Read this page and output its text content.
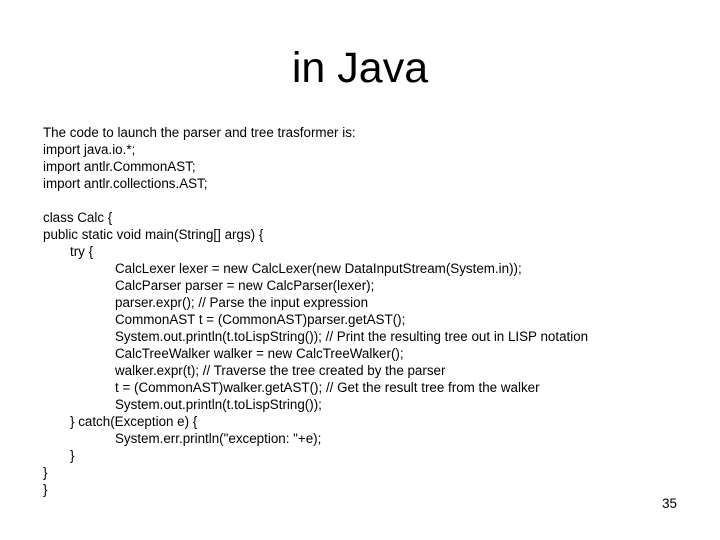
in Java
The code to launch the parser and tree trasformer is:
import java.io.*;
import antlr.CommonAST;
import antlr.collections.AST;
class Calc {
public static void main(String[] args) {
try {
CalcLexer lexer = new CalcLexer(new DataInputStream(System.in));
CalcParser parser = new CalcParser(lexer);
parser.expr(); // Parse the input expression
CommonAST t = (CommonAST)parser.getAST();
System.out.println(t.toLispString()); // Print the resulting tree out in LISP notation
CalcTreeWalker walker = new CalcTreeWalker();
walker.expr(t); // Traverse the tree created by the parser
t = (CommonAST)walker.getAST(); // Get the result tree from the walker
System.out.println(t.toLispString());
} catch(Exception e) {
System.err.println("exception: "+e);
}
}
}
35
